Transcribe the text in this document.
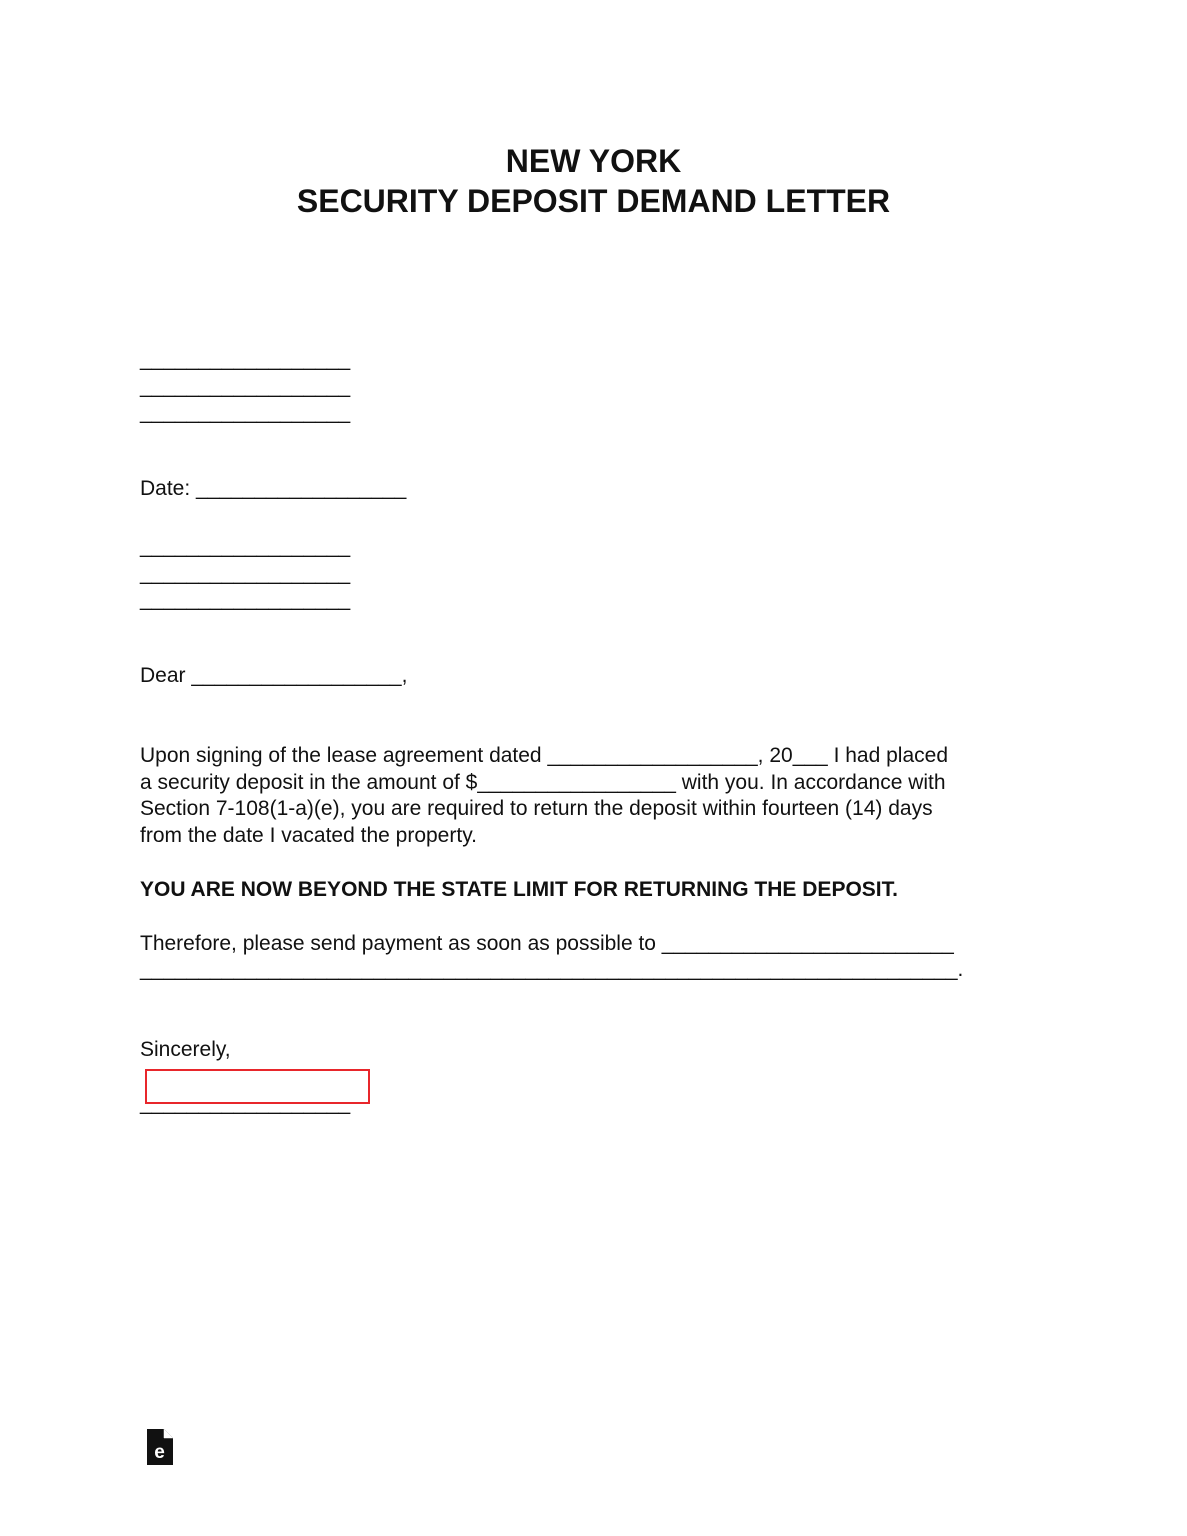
NEW YORK
SECURITY DEPOSIT DEMAND LETTER
__________________
__________________
__________________
Date: __________________
__________________
__________________
__________________
Dear __________________,
Upon signing of the lease agreement dated __________________, 20___ I had placed
a security deposit in the amount of $_________________ with you. In accordance with
Section 7-108(1-a)(e), you are required to return the deposit within fourteen (14) days
from the date I vacated the property.
YOU ARE NOW BEYOND THE STATE LIMIT FOR RETURNING THE DEPOSIT.
Therefore, please send payment as soon as possible to _________________________
______________________________________________________________________.
Sincerely,
__________________
e
